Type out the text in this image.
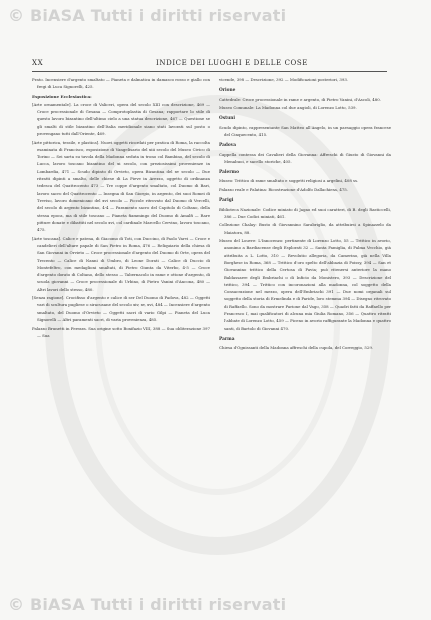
© BiASA Tutti i diritti riservati
© BiASA Tutti i diritti riservati
XX	INDICE DEI LUOGHI E DELLE COSE

Prato. Incensiere d'argento smaltato — Pianeta e dalmatica in damasco rosso e giallo con fregi di Luca Signorelli, 425.

Esposizione Ecclesiastica:

[Arte ornamentale]. La croce di Valiceri, opera del secolo XIII con descrizione, 469 — Croce processionale di Gesana — Comprotoplastia di Gesana; rapportare lo stile di questo lavoro bizantino dell'ultimo cielo a una statua descrizione, 467 — Questione se gli smalti di stile bizantino dell'Italia meridionale siano stati lavorati sul posto o provengano tutti dall'Oriente, 469.

[Arte pittorica, tessile, e plastica]. Nuovi oggetti ricordati per pratica di Roma, la raccolta esaminata di Francisco, esposizione di Vangelisario del xiii secolo del Museo Civico di Torino — Sei sarta su tavola della Madonna seduta in trono col Bambino, del secolo di Lucca, lavoro toscano bizantino del xi secolo, con preziosissimi provenienze in Lombardia, 471 — Scudo dipinto di Orvieto, opera Bizantina del xv secolo — Due ritratti dipinti a smalto, delle chiese di La Pieve in Arezzo, oggetto di ordinanza tedesca del Quattrocento 473 — Tre coppe d'argento smaltato, col Duomo di Bari, lavoro sacro del Quattrocento — Insegna di San Giorgio, in argento, dei suoi Romei di Treviso, lavoro domenicano del xvi secolo — Piccole ritrovato dal Duomo di Vercelli, del secolo di argento bizantino, 4-4 — Paramento sacro del Capitolo di Coltano, della stessa epoca, ma di stile toscano — Pianeta fiammingo del Duomo di Amalfi — Rare pitture donate e dibattiti nel secolo xvi, col cardinale Marcello Cervino, lavoro toscano, 475.

[Arte toscana]. Calice e patena, di Giacomo di Toti, con Duccino, di Paolo Varvi — Croce e candelieri dell'altare papale di San Pietro in Roma, 476 — Reliquiario della chiesa di San Giovanni in Orvieto — Croce processionale d'argento del Duomo di Orte, opera del Trecento — Calice di Nanni di Umbro, di Leone Dorati — Calice di Duccio di Montefeltro, con medaglioni smaltati, di Pietro Giunta da Viterbo, 4-5 — Croce d'argento dorato di Coltano, dello stesso — Tabernacolo in rame e ottone d'argento, di scuola giovanni — Croce processionale di Urbino, di Pietro Vanini d'Ancona, 480 — Altri lavori dello stesso, 480.

[Senza ragione]. Crocifisso d'argento e calice di ser Del Duomo di Padova, 482 — Oggetti vari di scultura pugliese o siracusane del secolo xiv, xv, xvi, 484 — Incensiere d'argento smaltato, del Duomo d'Orvieto — Oggetti sacri di vario Gilpi — Pianeta del Luca Signorelli — Altri paramenti sacri, di varia provenienza, 485.

Palazzo Brunetti in Ferrara. Sua origine sotto Bonifazio VIII, 388 — Sua obliterazione 397 — Sua

vicende, 398 — Descrizione, 392 — Modificazioni posteriori, 393.

Orione

Cattedrale: Croce processionale in rame e argento, di Pietro Vanini, d'Ascoli, 480.

Museo Comunale: La Madonna col due angioli, di Lorenzo Lotto, 539.

Ostuni

Scudo dipinto, rappresentante San Matteo all'Angelo, in un paesaggio opera francese del Cinquecento, 415.

Padova

Cappella contessa dei Cavalieri della Giovanna: Affreschi di Giusto di Giovanni da Menabuoi, e sacello storiche, 405.

Palermo

Museo: Trittico di rame smaltato e soggetti religiosi a argelini, 408 ss.

Palazzo reale e Palatina: Ricostruzione d'Adolfo Dallachiesa, 475.

Parigi

Biblioteca Nazionale: Codice miniato di Jagao ed suoi caratteri, di B. degli Rasticcelli, 386 — Due Codici miniati, 461.

Collezione Chalay: Busto di Giovannino Sarabriglio, da attribuirsi a Spinazzelo da Maiatora, 88.

Museo del Louvre: L'Innocenzo: pertinente di Lorenzo Lotto, 55 — Trittico in avorio, anonimo a Bardiacense degli Esplorati 32 — Santa Famiglia, di Palma Vecchio, già attribuita a L. Lotto, 310 — Revolutio allegoria, da Camerino, già nella Villa Borghese in Roma, 368 — Trittico d'oro spelto dell'abbazia di Poissy, 394 — San et Giovannino trittico della Certosa di Pavia; può ritenersi anteriore la mano Baldassarre degli Embriachi o di Inficio da Monistero, 393 — Descrizione del trittico, 394 — Trittico con incoronazioni alla madonna, col soggetto della Consacrazione nel mezzo, opera dell'Embriachi 391 — Due nomi organali sul soggetto della storia di Ermelinda e di Paride, loro stemma 394 — Disegno ritrovato di Raffaello. Sono da mostrare Parione dal Vago, 358 — Quadri fatti da Raffaello per Francesco I, mai qualificatori di alcuna mia Giulia Romano, 356 — Quattro ritratti l'abbate di Lorenzo Lotto, 459 — Piceno in avorio raffigurante la Madonna e quattro santi, di Bartolo di Giovanni 470.

Parma

Chiesa d'Ognissanti della Madonna affreschi della cupola, del Correggio, 529.
